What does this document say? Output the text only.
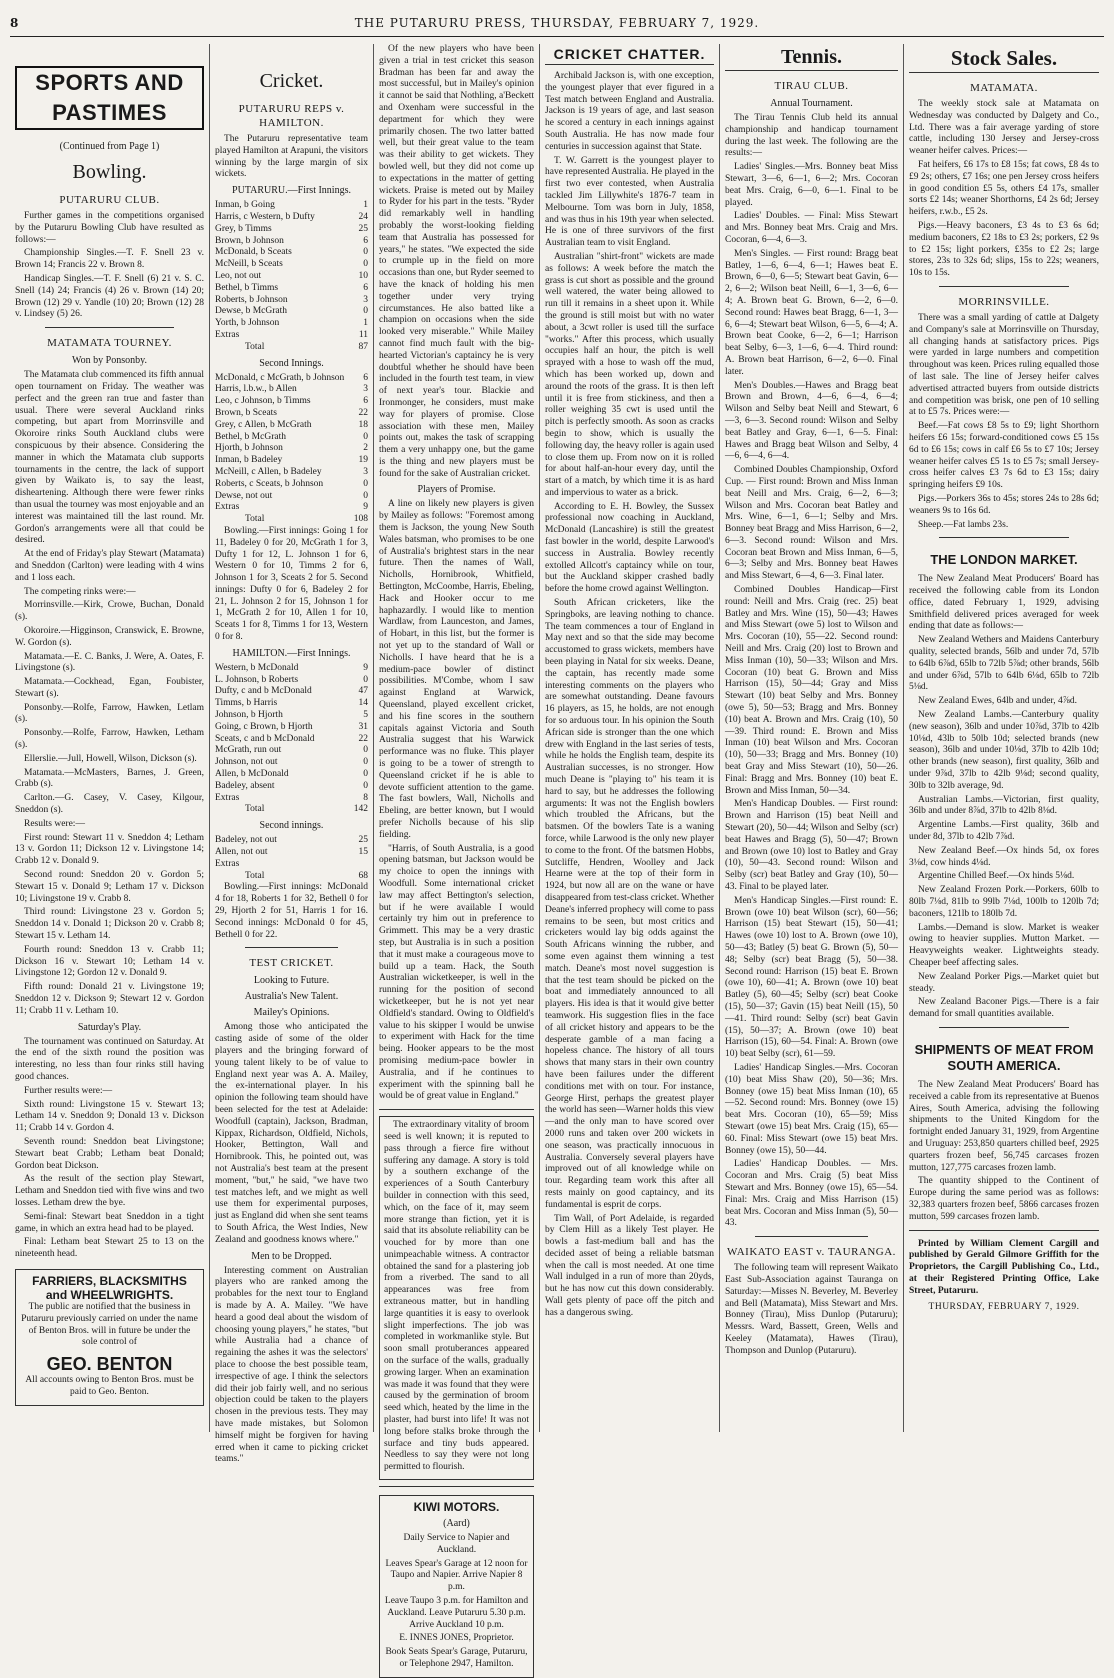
8	THE PUTARURU PRESS, THURSDAY, FEBRUARY 7, 1929.
SPORTS AND PASTIMES
(Continued from Page 1)
Bowling.
PUTARURU CLUB.

Further games in the competitions organised by the Putaruru Bowling Club have resulted as follows:—

Championship Singles.—T. F. Snell 23 v. Brown 14; Francis 22 v. Brown 8.

Handicap Singles.—T. F. Snell (6) 21 v. S. C. Snell (14) 24; Francis (4) 26 v. Brown (14) 20; Brown (12) 29 v. Yandle (10) 20; Brown (12) 28 v. Lindsey (5) 26.

MATAMATA TOURNEY.
Won by Ponsonby.

The Matamata club commenced its fifth annual open tournament on Friday. The weather was perfect and the green ran true and faster than usual. There were several Auckland rinks competing, but apart from Morrinsville and Okoroire rinks South Auckland clubs were conspicuous by their absence. Considering the manner in which the Matamata club supports tournaments in the centre, the lack of support given by Waikato is, to say the least, disheartening. Although there were fewer rinks than usual the tourney was most enjoyable and an interest was maintained till the last round. Mr. Gordon's arrangements were all that could be desired.

At the end of Friday's play Stewart (Matamata) and Sneddon (Carlton) were leading with 4 wins and 1 loss each.

The competing rinks were:—

Morrinsville.—Kirk, Crowe, Buchan, Donald (s).

Okoroire.—Higginson, Cranswick, E. Browne, W. Gordon (s).

Matamata.—E. C. Banks, J. Were, A. Oates, F. Livingstone (s).

Matamata.—Cockhead, Egan, Foubister, Stewart (s).

Ponsonby.—Rolfe, Farrow, Hawken, Letlam (s).

Ponsonby.—Rolfe, Farrow, Hawken, Letham (s).

Ellerslie.—Jull, Howell, Wilson, Dickson (s).

Matamata.—McMasters, Barnes, J. Green, Crabb (s).

Carlton.—G. Casey, V. Casey, Kilgour, Sneddon (s).

Results were:—

First round: Stewart 11 v. Sneddon 4; Letham 13 v. Gordon 11; Dickson 12 v. Livingstone 14; Crabb 12 v. Donald 9.

Second round: Sneddon 20 v. Gordon 5; Stewart 15 v. Donald 9; Letham 17 v. Dickson 10; Livingstone 19 v. Crabb 8.

Third round: Livingstone 23 v. Gordon 5; Sneddon 14 v. Donald 1; Dickson 20 v. Crabb 8; Stewart 15 v. Letham 14.

Fourth round: Sneddon 13 v. Crabb 11; Dickson 16 v. Stewart 10; Letham 14 v. Livingstone 12; Gordon 12 v. Donald 9.

Fifth round: Donald 21 v. Livingstone 19; Sneddon 12 v. Dickson 9; Stewart 12 v. Gordon 11; Crabb 11 v. Letham 10.

Saturday's Play.

The tournament was continued on Saturday. At the end of the sixth round the position was interesting, no less than four rinks still having good chances.

Further results were:—

Sixth round: Livingstone 15 v. Stewart 13; Letham 14 v. Sneddon 9; Donald 13 v. Dickson 11; Crabb 14 v. Gordon 4.

Seventh round: Sneddon beat Livingstone; Stewart beat Crabb; Letham beat Donald; Gordon beat Dickson.

As the result of the section play Stewart, Letham and Sneddon tied with five wins and two losses. Letham drew the bye.

Semi-final: Stewart beat Sneddon in a tight game, in which an extra head had to be played.

Final: Letham beat Stewart 25 to 13 on the nineteenth head.

FARRIERS, BLACKSMITHS and WHEELWRIGHTS.

The public are notified that the business in Putaruru previously carried on under the name of Benton Bros. will in future be under the sole control of

GEO. BENTON

All accounts owing to Benton Bros. must be paid to Geo. Benton.

Cricket.
PUTARURU REPS v. HAMILTON.

The Putaruru representative team played Hamilton at Arapuni, the visitors winning by the large margin of six wickets.

PUTARURU.—First Innings.
Inman, b Going	1
Harris, c Western, b Dufty	24
Grey, b Timms	25
Brown, b Johnson	6
McDonald, b Sceats	0
McNeill, b Sceats	0
Leo, not out	10
Bethel, b Timms	6
Roberts, b Johnson	3
Dewse, b McGrath	0
Yorth, b Johnson	1
Extras	11
Total	87
Second Innings.
McDonald, c McGrath, b Johnson 6
Harris, l.b.w., b Allen	3
Leo, c Johnson, b Timms	6
Brown, b Sceats	22
Grey, c Allen, b McGrath	18
Bethel, b McGrath	0
Hjorth, b Johnson	2
Inman, b Badeley	19
McNeill, c Allen, b Badeley	3
Roberts, c Sceats, b Johnson	0
Dewse, not out	0
Extras	9
Total	108

Bowling.—First innings: Going 1 for 11, Badeley 0 for 20, McGrath 1 for 3, Dufty 1 for 12, L. Johnson 1 for 6, Western 0 for 10, Timms 2 for 6, Johnson 1 for 3, Sceats 2 for 5. Second innings: Dufty 0 for 6, Badeley 2 for 21, L. Johnson 2 for 15, Johnson 1 for 1, McGrath 2 for 10, Allen 1 for 10, Sceats 1 for 8, Timms 1 for 13, Western 0 for 8.

HAMILTON.—First Innings.
Western, b McDonald	9
L. Johnson, b Roberts	0
Dufty, c and b McDonald	47
Timms, b Harris	14
Johnson, b Hjorth	5
Going, c Brown, b Hjorth	31
Sceats, c and b McDonald	22
McGrath, run out	0
Johnson, not out	0
Allen, b McDonald	0
Badeley, absent	0
Extras	8
Total	142
Second innings.
Badeley, not out	25
Allen, not out	15
Extras
Total	68

Bowling.—First innings: McDonald 4 for 18, Roberts 1 for 32, Bethell 0 for 29, Hjorth 2 for 51, Harris 1 for 16. Second innings: McDonald 0 for 45, Bethell 0 for 22.

TEST CRICKET.
Looking to Future.
Australia's New Talent.
Mailey's Opinions.

Among those who anticipated the casting aside of some of the older players and the bringing forward of young talent likely to be of value to England next year was A. A. Mailey, the ex-international player. In his opinion the following team should have been selected for the test at Adelaide: Woodfull (captain), Jackson, Bradman, Kippax, Richardson, Oldfield, Nichols, Hooker, Bettington, Wall and Hornibrook. This, he pointed out, was not Australia's best team at the present moment, "but," he said, "we have two test matches left, and we might as well use them for experimental purposes, just as England did when she sent teams to South Africa, the West Indies, New Zealand and goodness knows where."

Men to be Dropped.

Interesting comment on Australian players who are ranked among the probables for the next tour to England is made by A. A. Mailey. "We have heard a good deal about the wisdom of choosing young players," he states, "but while Australia had a chance of regaining the ashes it was the selectors' place to choose the best possible team, irrespective of age. I think the selectors did their job fairly well, and no serious objection could be taken to the players chosen in the previous tests. They may have made mistakes, but Solomon himself might be forgiven for having erred when it came to picking cricket teams."

Of the new players who have been given a trial in test cricket this season Bradman has been far and away the most successful, but in Mailey's opinion it cannot be said that Nothling, a'Beckett and Oxenham were successful in the department for which they were primarily chosen. The two latter batted well, but their great value to the team was their ability to get wickets. They bowled well, but they did not come up to expectations in the matter of getting wickets. Praise is meted out by Mailey to Ryder for his part in the tests. "Ryder did remarkably well in handling probably the worst-looking fielding team that Australia has possessed for years," he states. "We expected the side to crumple up in the field on more occasions than one, but Ryder seemed to have the knack of holding his men together under very trying circumstances. He also batted like a champion on occasions when the side looked very miserable." While Mailey cannot find much fault with the big-hearted Victorian's captaincy he is very doubtful whether he should have been included in the fourth test team, in view of next year's tour. Blackie and Ironmonger, he considers, must make way for players of promise. Close association with these men, Mailey points out, makes the task of scrapping them a very unhappy one, but the game is the thing and new players must be found for the sake of Australian cricket.

Players of Promise.

A line on likely new players is given by Mailey as follows: "Foremost among them is Jackson, the young New South Wales batsman, who promises to be one of Australia's brightest stars in the near future. Then the names of Wall, Nicholls, Hornibrook, Whitfield, Bettington, McCoombe, Harris, Ebeling, Hack and Hooker occur to me haphazardly. I would like to mention Wardlaw, from Launceston, and James, of Hobart, in this list, but the former is not yet up to the standard of Wall or Nicholls. I have heard that he is a medium-pace bowler of distinct possibilities. M'Combe, whom I saw against England at Warwick, Queensland, played excellent cricket, and his fine scores in the southern capitals against Victoria and South Australia suggest that his Warwick performance was no fluke. This player is going to be a tower of strength to Queensland cricket if he is able to devote sufficient attention to the game. The fast bowlers, Wall, Nicholls and Ebeling, are better known, but I would prefer Nicholls because of his slip fielding.

"Harris, of South Australia, is a good opening batsman, but Jackson would be my choice to open the innings with Woodfull. Some international cricket law may affect Bettington's selection, but if he were available I would certainly try him out in preference to Grimmett. This may be a very drastic step, but Australia is in such a position that it must make a courageous move to build up a team. Hack, the South Australian wicketkeeper, is well in the running for the position of second wicketkeeper, but he is not yet near Oldfield's standard. Owing to Oldfield's value to his skipper I would be unwise to experiment with Hack for the time being. Hooker appears to be the most promising medium-pace bowler in Australia, and if he continues to experiment with the spinning ball he would be of great value in England."

The extraordinary vitality of broom seed is well known; it is reputed to pass through a fierce fire without suffering any damage. A story is told by a southern exchange of the experiences of a South Canterbury builder in connection with this seed, which, on the face of it, may seem more strange than fiction, yet it is said that its absolute reliability can be vouched for by more than one unimpeachable witness. A contractor obtained the sand for a plastering job from a riverbed. The sand to all appearances was free from extraneous matter, but in handling large quantities it is easy to overlook slight imperfections. The job was completed in workmanlike style. But soon small protuberances appeared on the surface of the walls, gradually growing larger. When an examination was made it was found that they were caused by the germination of broom seed which, heated by the lime in the plaster, had burst into life! It was not long before stalks broke through the surface and tiny buds appeared. Needless to say they were not long permitted to flourish.

KIWI MOTORS.
(Aard)

Daily Service to Napier and Auckland.

Leaves Spear's Garage at 12 noon for Taupo and Napier. Arrive Napier 8 p.m.

Leave Taupo 3 p.m. for Hamilton and Auckland. Leave Putaruru 5.30 p.m. Arrive Auckland 10 p.m.

E. INNES JONES, Proprietor.

Book Seats Spear's Garage, Putaruru, or Telephone 2947, Hamilton.

CRICKET CHATTER.

Archibald Jackson is, with one exception, the youngest player that ever figured in a Test match between England and Australia. Jackson is 19 years of age, and last season he scored a century in each innings against South Australia. He has now made four centuries in succession against that State.

T. W. Garrett is the youngest player to have represented Australia. He played in the first two ever contested, when Australia tackled Jim Lillywhite's 1876-7 team in Melbourne. Tom was born in July, 1858, and was thus in his 19th year when selected. He is one of three survivors of the first Australian team to visit England.

Australian "shirt-front" wickets are made as follows: A week before the match the grass is cut short as possible and the ground well watered, the water being allowed to run till it remains in a sheet upon it. While the ground is still moist but with no water about, a 3cwt roller is used till the surface "works." After this process, which usually occupies half an hour, the pitch is well sprayed with a hose to wash off the mud, which has been worked up, down and around the roots of the grass. It is then left until it is free from stickiness, and then a roller weighing 35 cwt is used until the pitch is perfectly smooth. As soon as cracks begin to show, which is usually the following day, the heavy roller is again used to close them up. From now on it is rolled for about half-an-hour every day, until the start of a match, by which time it is as hard and impervious to water as a brick.

According to E. H. Bowley, the Sussex professional now coaching in Auckland, McDonald (Lancashire) is still the greatest fast bowler in the world, despite Larwood's success in Australia. Bowley recently extolled Allcott's captaincy while on tour, but the Auckland skipper crashed badly before the home crowd against Wellington.

South African cricketers, like the Springboks, are leaving nothing to chance. The team commences a tour of England in May next and so that the side may become accustomed to grass wickets, members have been playing in Natal for six weeks. Deane, the captain, has recently made some interesting comments on the players who are somewhat outstanding. Deane favours 16 players, as 15, he holds, are not enough for so arduous tour. In his opinion the South African side is stronger than the one which drew with England in the last series of tests, while he holds the English team, despite its Australian successes, is no stronger. How much Deane is "playing to" his team it is hard to say, but he addresses the following arguments: It was not the English bowlers which troubled the Africans, but the batsmen. Of the bowlers Tate is a waning force, while Larwood is the only new player to come to the front. Of the batsmen Hobbs, Sutcliffe, Hendren, Woolley and Jack Hearne were at the top of their form in 1924, but now all are on the wane or have disappeared from test-class cricket. Whether Deane's inferred prophecy will come to pass remains to be seen, but most critics and cricketers would lay big odds against the South Africans winning the rubber, and some even against them winning a test match. Deane's most novel suggestion is that the test team should be picked on the boat and immediately announced to all players. His idea is that it would give better teamwork. His suggestion flies in the face of all cricket history and appears to be the desperate gamble of a man facing a hopeless chance. The history of all tours shows that many stars in their own country have been failures under the different conditions met with on tour. For instance, George Hirst, perhaps the greatest player the world has seen—Warner holds this view—and the only man to have scored over 2000 runs and taken over 200 wickets in one season, was practically innocuous in Australia. Conversely several players have improved out of all knowledge while on tour. Regarding team work this after all rests mainly on good captaincy, and its fundamental is esprit de corps.

Tim Wall, of Port Adelaide, is regarded by Clem Hill as a likely Test player. He bowls a fast-medium ball and has the decided asset of being a reliable batsman when the call is most needed. At one time Wall indulged in a run of more than 20yds, but he has now cut this down considerably. Wall gets plenty of pace off the pitch and has a dangerous swing.

Tennis.
TIRAU CLUB.
Annual Tournament.

The Tirau Tennis Club held its annual championship and handicap tournament during the last week. The following are the results:—

Ladies' Singles.—Mrs. Bonney beat Miss Stewart, 3—6, 6—1, 6—2; Mrs. Cocoran beat Mrs. Craig, 6—0, 6—1. Final to be played.

Ladies' Doubles. — Final: Miss Stewart and Mrs. Bonney beat Mrs. Craig and Mrs. Cocoran, 6—4, 6—3.

Men's Singles. — First round: Bragg beat Batley, 1—6, 6—4, 6—1; Hawes beat E. Brown, 6—0, 6—5; Stewart beat Gavin, 6—2, 6—2; Wilson beat Neill, 6—1, 3—6, 6—4; A. Brown beat G. Brown, 6—2, 6—0. Second round: Hawes beat Bragg, 6—1, 3—6, 6—4; Stewart beat Wilson, 6—5, 6—4; A. Brown beat Cooke, 6—2, 6—1; Harrison beat Selby, 6—3, 1—6, 6—4. Third round: A. Brown beat Harrison, 6—2, 6—0. Final later.

Men's Doubles.—Hawes and Bragg beat Brown and Brown, 4—6, 6—4, 6—4; Wilson and Selby beat Neill and Stewart, 6—3, 6—3. Second round: Wilson and Selby beat Batley and Gray, 6—1, 6—5. Final: Hawes and Bragg beat Wilson and Selby, 4—6, 6—4, 6—4.

Combined Doubles Championship, Oxford Cup. — First round: Brown and Miss Inman beat Neill and Mrs. Craig, 6—2, 6—3; Wilson and Mrs. Cocoran beat Batley and Mrs. Wine, 6—1, 6—1; Selby and Mrs. Bonney beat Bragg and Miss Harrison, 6—2, 6—3. Second round: Wilson and Mrs. Cocoran beat Brown and Miss Inman, 6—5, 6—3; Selby and Mrs. Bonney beat Hawes and Miss Stewart, 6—4, 6—3. Final later.

Combined Doubles Handicap—First round: Neill and Mrs. Craig (rec. 25) beat Batley and Mrs. Wine (15), 50—43; Hawes and Miss Stewart (owe 5) lost to Wilson and Mrs. Cocoran (10), 55—22. Second round: Neill and Mrs. Craig (20) lost to Brown and Miss Inman (10), 50—33; Wilson and Mrs. Cocoran (10) beat G. Brown and Miss Harrison (15), 50—44; Gray and Miss Stewart (10) beat Selby and Mrs. Bonney (owe 5), 50—53; Bragg and Mrs. Bonney (10) beat A. Brown and Mrs. Craig (10), 50—39. Third round: E. Brown and Miss Inman (10) beat Wilson and Mrs. Cocoran (10), 50—33; Bragg and Mrs. Bonney (10) beat Gray and Miss Stewart (10), 50—26. Final: Bragg and Mrs. Bonney (10) beat E. Brown and Miss Inman, 50—34.

Men's Handicap Doubles. — First round: Brown and Harrison (15) beat Neill and Stewart (20), 50—44; Wilson and Selby (scr) beat Hawes and Bragg (5), 50—47; Brown and Brown (owe 10) lost to Batley and Gray (10), 50—43. Second round: Wilson and Selby (scr) beat Batley and Gray (10), 50—43. Final to be played later.

Men's Handicap Singles.—First round: E. Brown (owe 10) beat Wilson (scr), 60—56; Harrison (15) beat Stewart (15), 50—41; Hawes (owe 10) lost to A. Brown (owe 10), 50—43; Batley (5) beat G. Brown (5), 50—48; Selby (scr) beat Bragg (5), 50—38. Second round: Harrison (15) beat E. Brown (owe 10), 60—41; A. Brown (owe 10) beat Batley (5), 60—45; Selby (scr) beat Cooke (15), 50—37; Gavin (15) beat Neill (15), 50—41. Third round: Selby (scr) beat Gavin (15), 50—37; A. Brown (owe 10) beat Harrison (15), 60—54. Final: A. Brown (owe 10) beat Selby (scr), 61—59.

Ladies' Handicap Singles.—Mrs. Cocoran (10) beat Miss Shaw (20), 50—36; Mrs. Bonney (owe 15) beat Miss Inman (10), 65—52. Second round: Mrs. Bonney (owe 15) beat Mrs. Cocoran (10), 65—59; Miss Stewart (owe 15) beat Mrs. Craig (15), 65—60. Final: Miss Stewart (owe 15) beat Mrs. Bonney (owe 15), 50—44.

Ladies' Handicap Doubles. — Mrs. Cocoran and Mrs. Craig (5) beat Miss Stewart and Mrs. Bonney (owe 15), 65—54. Final: Mrs. Craig and Miss Harrison (15) beat Mrs. Cocoran and Miss Inman (5), 50—43.

WAIKATO EAST v. TAURANGA.

The following team will represent Waikato East Sub-Association against Tauranga on Saturday:—Misses N. Beverley, M. Beverley and Bell (Matamata), Miss Stewart and Mrs. Bonney (Tirau), Miss Dunlop (Putaruru); Messrs. Ward, Bassett, Green, Wells and Keeley (Matamata), Hawes (Tirau), Thompson and Dunlop (Putaruru).

Stock Sales.
MATAMATA.

The weekly stock sale at Matamata on Wednesday was conducted by Dalgety and Co., Ltd. There was a fair average yarding of store cattle, including 130 Jersey and Jersey-cross weaner heifer calves. Prices:—

Fat heifers, £6 17s to £8 15s; fat cows, £8 4s to £9 2s; others, £7 16s; one pen Jersey cross heifers in good condition £5 5s, others £4 17s, smaller sorts £2 14s; weaner Shorthorns, £4 2s 6d; Jersey heifers, r.w.b., £5 2s.

Pigs.—Heavy baconers, £3 4s to £3 6s 6d; medium baconers, £2 18s to £3 2s; porkers, £2 9s to £2 15s; light porkers, £35s to £2 2s; large stores, 23s to 32s 6d; slips, 15s to 22s; weaners, 10s to 15s.

MORRINSVILLE.

There was a small yarding of cattle at Dalgety and Company's sale at Morrinsville on Thursday, all changing hands at satisfactory prices. Pigs were yarded in large numbers and competition throughout was keen. Prices ruling equalled those of last sale. The line of Jersey heifer calves advertised attracted buyers from outside districts and competition was brisk, one pen of 10 selling at to £5 7s. Prices were:—

Beef.—Fat cows £8 5s to £9; light Shorthorn heifers £6 15s; forward-conditioned cows £5 15s 6d to £6 15s; cows in calf £6 5s to £7 10s; Jersey weaner heifer calves £5 1s to £5 7s; small Jersey-cross heifer calves £3 7s 6d to £3 15s; dairy springing heifers £9 10s.

Pigs.—Porkers 36s to 45s; stores 24s to 28s 6d; weaners 9s to 16s 6d.

Sheep.—Fat lambs 23s.

THE LONDON MARKET.

The New Zealand Meat Producers' Board has received the following cable from its London office, dated February 1, 1929, advising Smithfield delivered prices averaged for week ending that date as follows:—

New Zealand Wethers and Maidens Canterbury quality, selected brands, 56lb and under 7d, 57lb to 64lb 6⅞d, 65lb to 72lb 5⅞d; other brands, 56lb and under 6⅞d, 57lb to 64lb 6⅛d, 65lb to 72lb 5⅛d.

New Zealand Ewes, 64lb and under, 4⅞d.

New Zealand Lambs.—Canterbury quality (new season), 36lb and under 10⅞d, 37lb to 42lb 10⅛d, 43lb to 50lb 10d; selected brands (new season), 36lb and under 10⅛d, 37lb to 42lb 10d; other brands (new season), first quality, 36lb and under 9⅞d, 37lb to 42lb 9⅛d; second quality, 30lb to 32lb average, 9d.

Australian Lambs.—Victorian, first quality, 36lb and under 8⅞d, 37lb to 42lb 8⅛d.

Argentine Lambs.—First quality, 36lb and under 8d, 37lb to 42lb 7⅞d.

New Zealand Beef.—Ox hinds 5d, ox fores 3⅛d, cow hinds 4⅛d.

Argentine Chilled Beef.—Ox hinds 5⅛d.

New Zealand Frozen Pork.—Porkers, 60lb to 80lb 7⅛d, 81lb to 99lb 7⅛d, 100lb to 120lb 7d; baconers, 121lb to 180lb 7d.

Lambs.—Demand is slow. Market is weaker owing to heavier supplies. Mutton Market. — Heavyweights weaker. Lightweights steady. Cheaper beef affecting sales.

New Zealand Porker Pigs.—Market quiet but steady.

New Zealand Baconer Pigs.—There is a fair demand for small quantities available.

SHIPMENTS OF MEAT FROM SOUTH AMERICA.

The New Zealand Meat Producers' Board has received a cable from its representative at Buenos Aires, South America, advising the following shipments to the United Kingdom for the fortnight ended January 31, 1929, from Argentine and Uruguay: 253,850 quarters chilled beef, 2925 quarters frozen beef, 56,745 carcases frozen mutton, 127,775 carcases frozen lamb.

The quantity shipped to the Continent of Europe during the same period was as follows: 32,383 quarters frozen beef, 5866 carcases frozen mutton, 599 carcases frozen lamb.

Printed by William Clement Cargill and published by Gerald Gilmore Griffith for the Proprietors, the Cargill Publishing Co., Ltd., at their Registered Printing Office, Lake Street, Putaruru.

THURSDAY, FEBRUARY 7, 1929.
